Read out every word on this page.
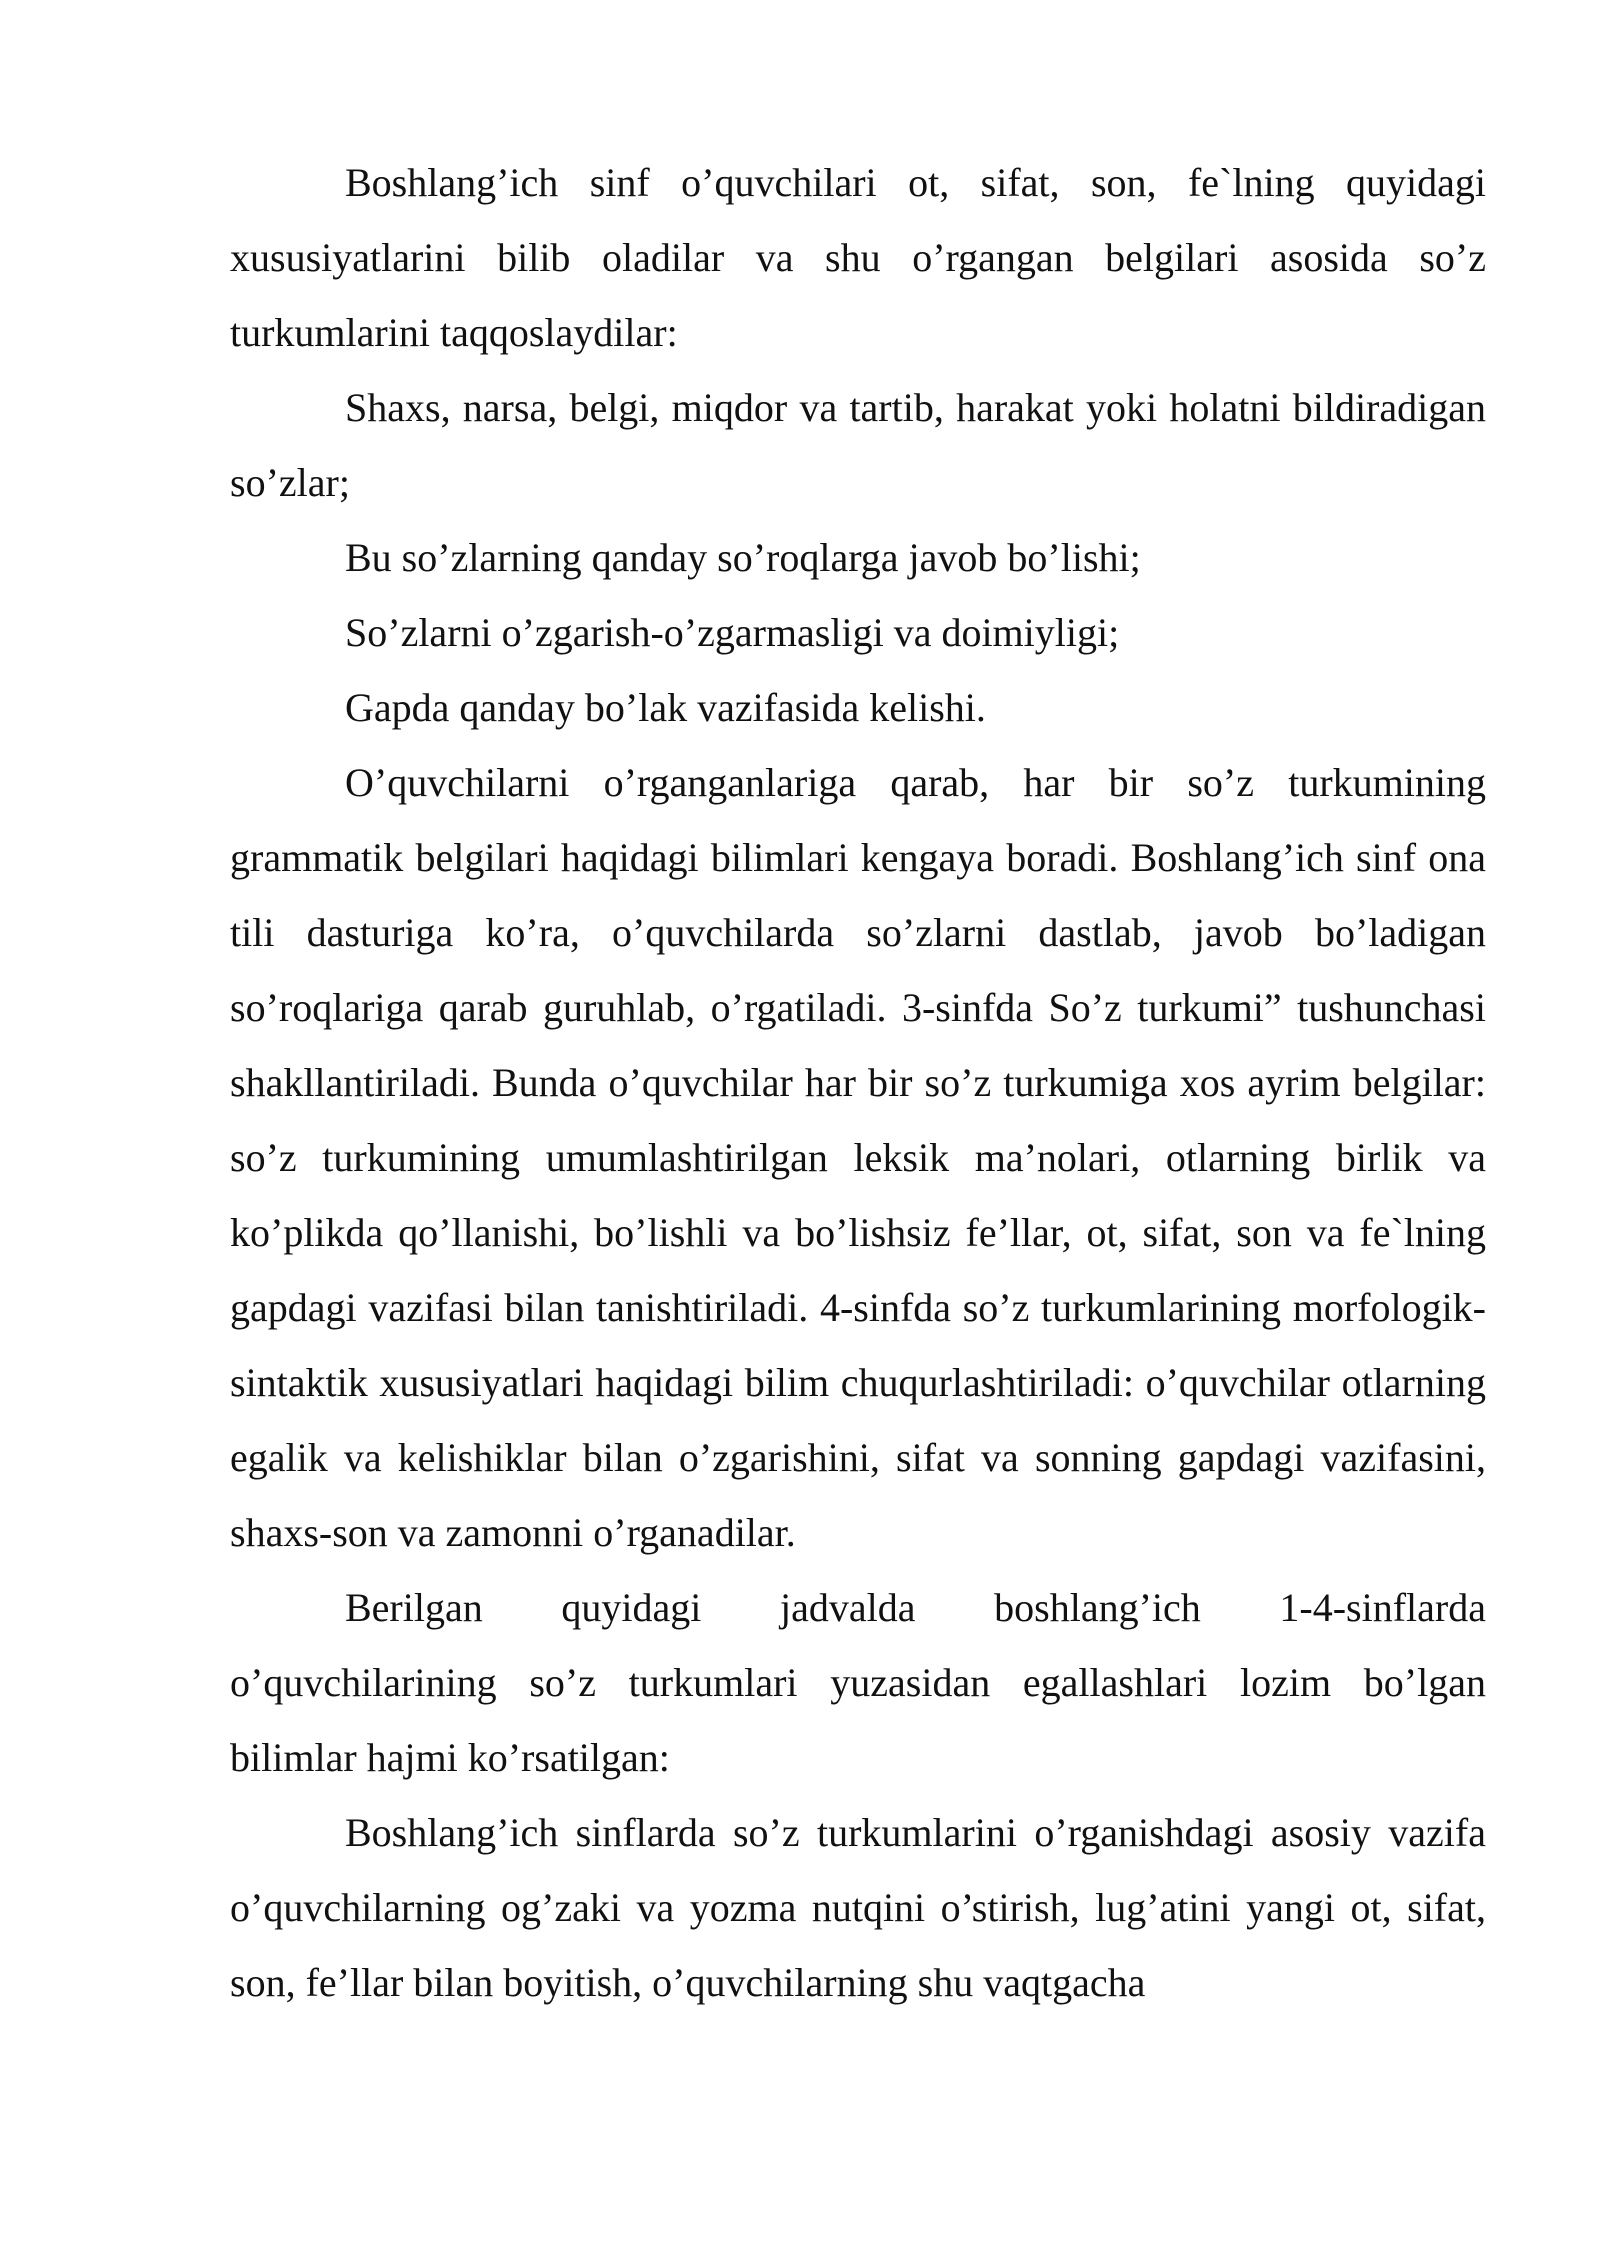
Boshlang’ich sinf o’quvchilari ot, sifat, son, fe`lning quyidagi xususiyatlarini bilib oladilar va shu o’rgangan belgilari asosida so’z turkumlarini taqqoslaydilar:

Shaxs, narsa, belgi, miqdor va tartib, harakat yoki holatni bildiradigan so’zlar;

Bu so’zlarning qanday so’roqlarga javob bo’lishi;

So’zlarni o’zgarish-o’zgarmasligi va doimiyligi;

Gapda qanday bo’lak vazifasida kelishi.

O’quvchilarni o’rganganlariga qarab, har bir so’z turkumining grammatik belgilari haqidagi bilimlari kengaya boradi. Boshlang’ich sinf ona tili dasturiga ko’ra, o’quvchilarda so’zlarni dastlab, javob bo’ladigan so’roqlariga qarab guruhlab, o’rgatiladi. 3-sinfda So’z turkumi” tushunchasi shakllantiriladi. Bunda o’quvchilar har bir so’z turkumiga xos ayrim belgilar: so’z turkumining umumlashtirilgan leksik ma’nolari, otlarning birlik va ko’plikda qo’llanishi, bo’lishli va bo’lishsiz fe’llar, ot, sifat, son va fe`lning gapdagi vazifasi bilan tanishtiriladi. 4-sinfda so’z turkumlarining morfologik-sintaktik xususiyatlari haqidagi bilim chuqurlashtiriladi: o’quvchilar otlarning egalik va kelishiklar bilan o’zgarishini, sifat va sonning gapdagi vazifasini, shaxs-son va zamonni o’rganadilar.

Berilgan quyidagi jadvalda boshlang’ich 1-4-sinflarda o’quvchilarining so’z turkumlari yuzasidan egallashlari lozim bo’lgan bilimlar hajmi ko’rsatilgan:

Boshlang’ich sinflarda so’z turkumlarini o’rganishdagi asosiy vazifa o’quvchilarning og’zaki va yozma nutqini o’stirish, lug’atini yangi ot, sifat, son, fe’llar bilan boyitish, o’quvchilarning shu vaqtgacha
